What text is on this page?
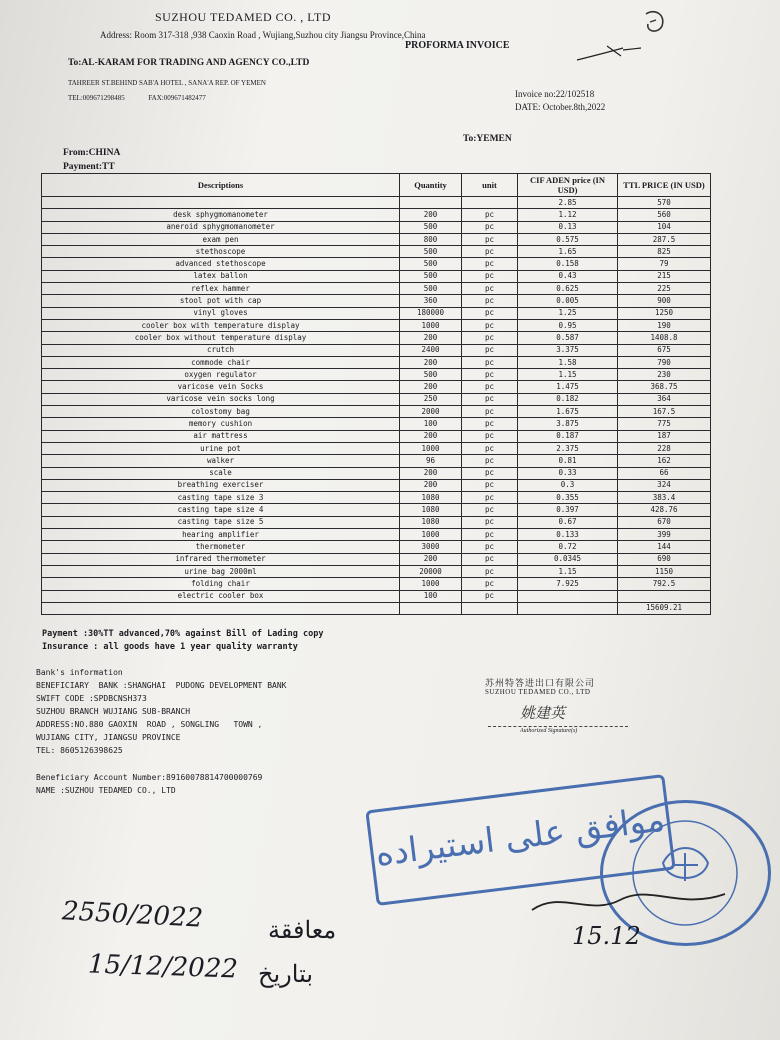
SUZHOU TEDAMED CO. , LTD
Address: Room 317-318 ,938 Caoxin Road , Wujiang,Suzhou city Jiangsu Province,China
PROFORMA INVOICE
To:AL-KARAM FOR TRADING AND AGENCY CO.,LTD
TAHREER ST.BEHIND SAB'A HOTEL , SANA'A REP. OF YEMEN
TEL:009671298485	FAX:009671482477	Invoice no:22/102518
DATE: October.8th,2022
To:YEMEN
From:CHINA
Payment:TT
Descriptions	Quantity	unit	CIF ADEN price (IN USD)	TTL PRICE (IN USD)
			2.85	570
desk sphygmomanometer	200	pc	1.12	560
aneroid sphygmomanometer	500	pc	0.13	104
exam pen	800	pc	0.575	287.5
stethoscope	500	pc	1.65	825
advanced stethoscope	500	pc	0.158	79
latex ballon	500	pc	0.43	215
reflex hammer	500	pc	0.625	225
stool pot with cap	360	pc	0.005	900
vinyl gloves	180000	pc	1.25	1250
cooler box with temperature display	1000	pc	0.95	190
cooler box without temperature display	200	pc	0.587	1408.8
crutch	2400	pc	3.375	675
commode chair	200	pc	1.58	790
oxygen regulator	500	pc	1.15	230
varicose vein Socks	200	pc	1.475	368.75
varicose vein socks long	250	pc	0.182	364
colostomy bag	2000	pc	1.675	167.5
memory cushion	100	pc	3.875	775
air mattress	200	pc	0.187	187
urine pot	1000	pc	2.375	228
walker	96	pc	0.81	162
scale	200	pc	0.33	66
breathing exerciser	200	pc	0.3	324
casting tape size 3	1080	pc	0.355	383.4
casting tape size 4	1080	pc	0.397	428.76
casting tape size 5	1080	pc	0.67	670
hearing amplifier	1000	pc	0.133	399
thermometer	3000	pc	0.72	144
infrared thermometer	200	pc	0.0345	690
urine bag 2000ml	20000	pc	1.15	1150
folding chair	1000	pc	7.925	792.5
electric cooler box	100	pc		
				15609.21
Payment :30%TT advanced,70% against Bill of Lading copy
Insurance : all goods have 1 year quality warranty
Bank's information
BENEFICIARY  BANK :SHANGHAI  PUDONG DEVELOPMENT BANK
SWIFT CODE :SPDBCNSH373
SUZHOU BRANCH WUJIANG SUB-BRANCH
ADDRESS:NO.880 GAOXIN  ROAD , SONGLING   TOWN ,
WUJIANG CITY, JIANGSU PROVINCE
TEL: 8605126398625
Beneficiary Account Number:89160078814700000769
NAME :SUZHOU TEDAMED CO., LTD
苏州特答进出口有限公司
SUZHOU TEDAMED CO., LTD
姚建英
Authorized Signature(s)
موافق على استيراده
15.12
2550/2022	معافقة
15/12/2022 بتاريخ
